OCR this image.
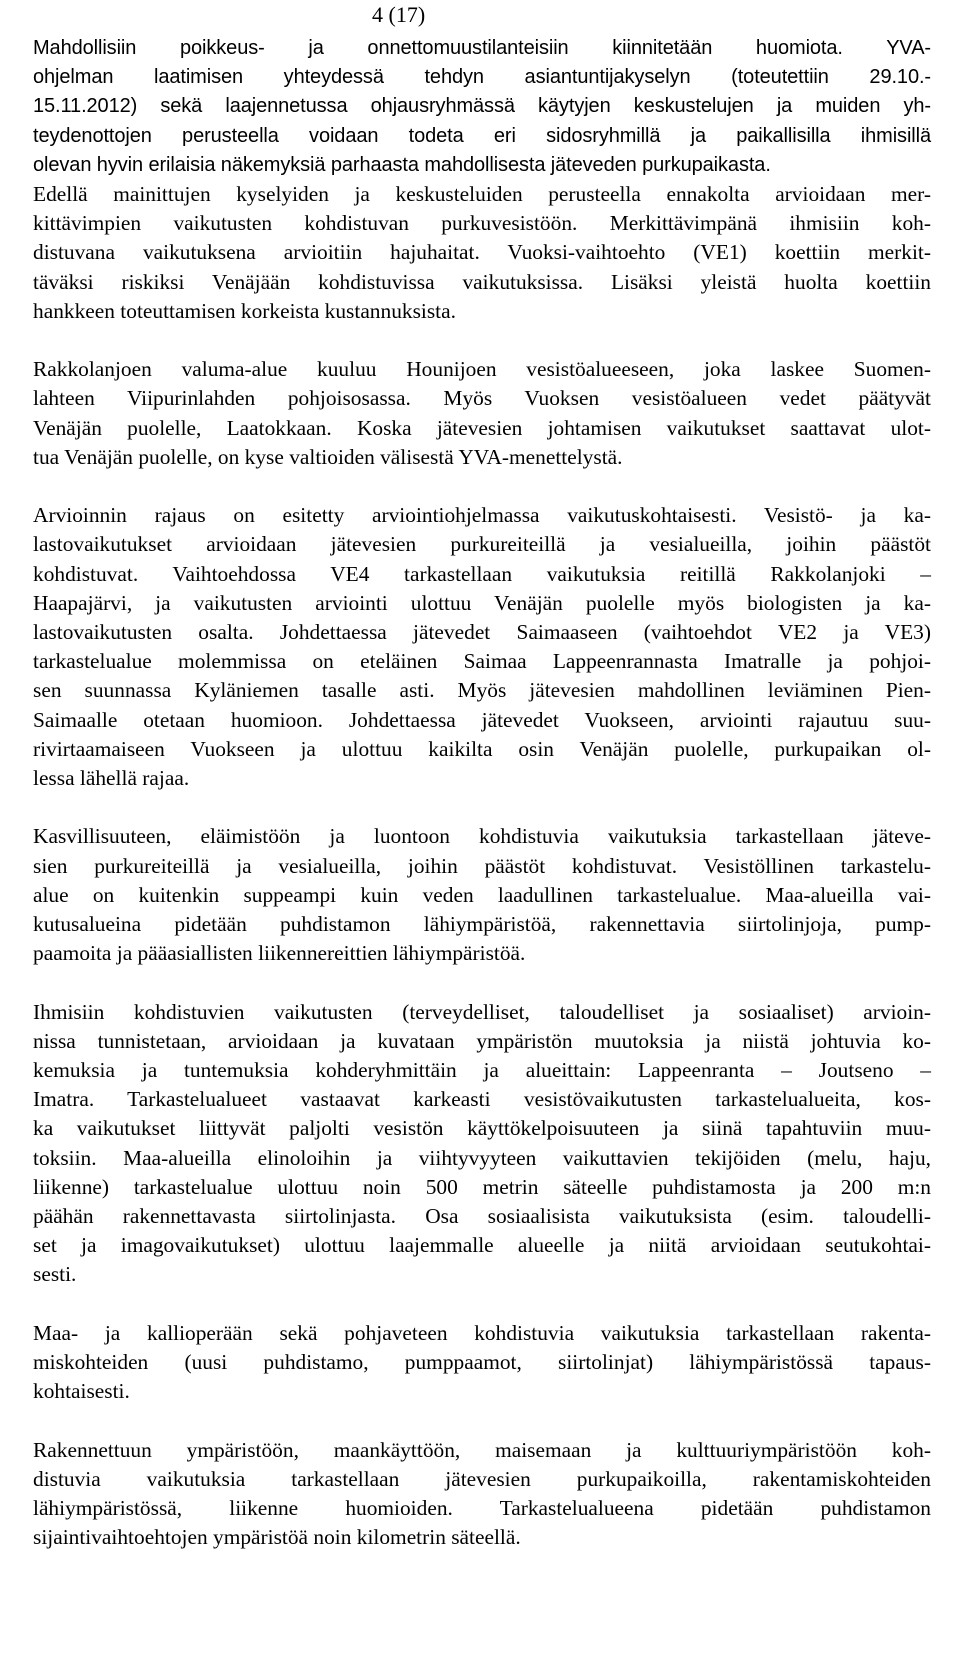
4 (17)
Mahdollisiin poikkeus- ja onnettomuustilanteisiin kiinnitetään huomiota. YVA-
ohjelman laatimisen yhteydessä tehdyn asiantuntijakyselyn (toteutettiin 29.10.-
15.11.2012) sekä laajennetussa ohjausryhmässä käytyjen keskustelujen ja muiden yh-
teydenottojen perusteella voidaan todeta eri sidosryhmillä ja paikallisilla ihmisillä
olevan hyvin erilaisia näkemyksiä parhaasta mahdollisesta jäteveden purkupaikasta.
Edellä mainittujen kyselyiden ja keskusteluiden perusteella ennakolta arvioidaan mer-
kittävimpien vaikutusten kohdistuvan purkuvesistöön. Merkittävimpänä ihmisiin koh-
distuvana vaikutuksena arvioitiin hajuhaitat. Vuoksi-vaihtoehto (VE1) koettiin merkit-
täväksi riskiksi Venäjään kohdistuvissa vaikutuksissa. Lisäksi yleistä huolta koettiin
hankkeen toteuttamisen korkeista kustannuksista.
Rakkolanjoen valuma-alue kuuluu Hounijoen vesistöalueeseen, joka laskee Suomen-
lahteen Viipurinlahden pohjoisosassa. Myös Vuoksen vesistöalueen vedet päätyvät
Venäjän puolelle, Laatokkaan. Koska jätevesien johtamisen vaikutukset saattavat ulot-
tua Venäjän puolelle, on kyse valtioiden välisestä YVA-menettelystä.
Arvioinnin rajaus on esitetty arviointiohjelmassa vaikutuskohtaisesti. Vesistö- ja ka-
lastovaikutukset arvioidaan jätevesien purkureiteillä ja vesialueilla, joihin päästöt
kohdistuvat. Vaihtoehdossa VE4 tarkastellaan vaikutuksia reitillä Rakkolanjoki –
Haapajärvi, ja vaikutusten arviointi ulottuu Venäjän puolelle myös biologisten ja ka-
lastovaikutusten osalta. Johdettaessa jätevedet Saimaaseen (vaihtoehdot VE2 ja VE3)
tarkastelualue molemmissa on eteläinen Saimaa Lappeenrannasta Imatralle ja pohjoi-
sen suunnassa Kyläniemen tasalle asti. Myös jätevesien mahdollinen leviäminen Pien-
Saimaalle otetaan huomioon. Johdettaessa jätevedet Vuokseen, arviointi rajautuu suu-
rivirtaamaiseen Vuokseen ja ulottuu kaikilta osin Venäjän puolelle, purkupaikan ol-
lessa lähellä rajaa.
Kasvillisuuteen, eläimistöön ja luontoon kohdistuvia vaikutuksia tarkastellaan jäteve-
sien purkureiteillä ja vesialueilla, joihin päästöt kohdistuvat. Vesistöllinen tarkastelu-
alue on kuitenkin suppeampi kuin veden laadullinen tarkastelualue. Maa-alueilla vai-
kutusalueina pidetään puhdistamon lähiympäristöä, rakennettavia siirtolinjoja, pump-
paamoita ja pääasiallisten liikennereittien lähiympäristöä.
Ihmisiin kohdistuvien vaikutusten (terveydelliset, taloudelliset ja sosiaaliset) arvioin-
nissa tunnistetaan, arvioidaan ja kuvataan ympäristön muutoksia ja niistä johtuvia ko-
kemuksia ja tuntemuksia kohderyhmittäin ja alueittain: Lappeenranta – Joutseno –
Imatra. Tarkastelualueet vastaavat karkeasti vesistövaikutusten tarkastelualueita, kos-
ka vaikutukset liittyvät paljolti vesistön käyttökelpoisuuteen ja siinä tapahtuviin muu-
toksiin. Maa-alueilla elinoloihin ja viihtyvyyteen vaikuttavien tekijöiden (melu, haju,
liikenne) tarkastelualue ulottuu noin 500 metrin säteelle puhdistamosta ja 200 m:n
päähän rakennettavasta siirtolinjasta. Osa sosiaalisista vaikutuksista (esim. taloudelli-
set ja imagovaikutukset) ulottuu laajemmalle alueelle ja niitä arvioidaan seutukohtai-
sesti.
Maa- ja kallioperään sekä pohjaveteen kohdistuvia vaikutuksia tarkastellaan rakenta-
miskohteiden (uusi puhdistamo, pumppaamot, siirtolinjat) lähiympäristössä tapaus-
kohtaisesti.
Rakennettuun ympäristöön, maankäyttöön, maisemaan ja kulttuuriympäristöön koh-
distuvia vaikutuksia tarkastellaan jätevesien purkupaikoilla, rakentamiskohteiden
lähiympäristössä, liikenne huomioiden. Tarkastelualueena pidetään puhdistamon
sijaintivaihtoehtojen ympäristöä noin kilometrin säteellä.
